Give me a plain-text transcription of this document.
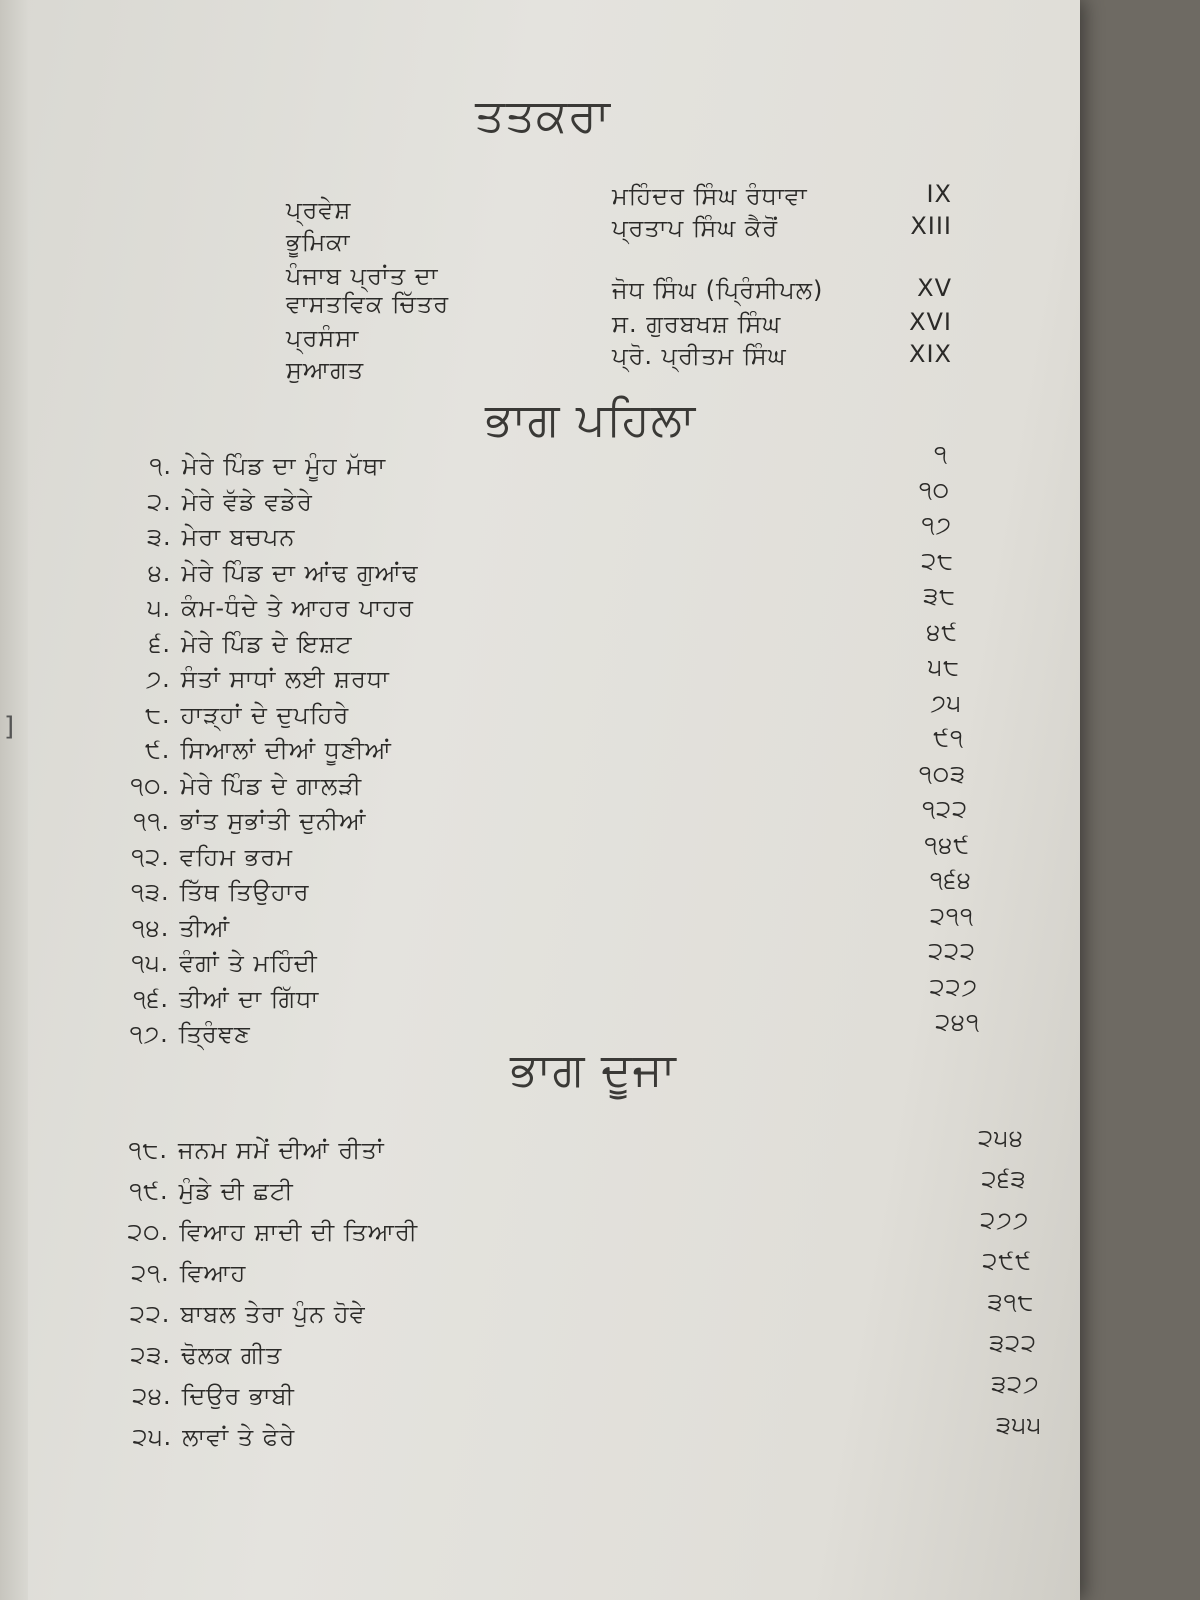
]
ਤਤਕਰਾ
ਪ੍ਰਵੇਸ਼	ਮਹਿੰਦਰ ਸਿੰਘ ਰੰਧਾਵਾ	IX
ਭੂਮਿਕਾ	ਪ੍ਰਤਾਪ ਸਿੰਘ ਕੈਰੋਂ	XIII
ਪੰਜਾਬ ਪ੍ਰਾਂਤ ਦਾ
ਵਾਸਤਵਿਕ ਚਿੱਤਰ	ਜੋਧ ਸਿੰਘ (ਪ੍ਰਿੰਸੀਪਲ)	XV
ਪ੍ਰਸੰਸਾ	ਸ. ਗੁਰਬਖਸ਼ ਸਿੰਘ	XVI
ਸੁਆਗਤ	ਪ੍ਰੋ. ਪ੍ਰੀਤਮ ਸਿੰਘ	XIX
ਭਾਗ ਪਹਿਲਾ
੧. ਮੇਰੇ ਪਿੰਡ ਦਾ ਮੂੰਹ ਮੱਥਾ	੧
੨. ਮੇਰੇ ਵੱਡੇ ਵਡੇਰੇ	੧੦
੩. ਮੇਰਾ ਬਚਪਨ	੧੭
੪. ਮੇਰੇ ਪਿੰਡ ਦਾ ਆਂਢ ਗੁਆਂਢ	੨੮
੫. ਕੰਮ-ਧੰਦੇ ਤੇ ਆਹਰ ਪਾਹਰ	੩੮
੬. ਮੇਰੇ ਪਿੰਡ ਦੇ ਇਸ਼ਟ	੪੯
੭. ਸੰਤਾਂ ਸਾਧਾਂ ਲਈ ਸ਼ਰਧਾ	੫੮
੮. ਹਾੜ੍ਹਾਂ ਦੇ ਦੁਪਹਿਰੇ	੭੫
੯. ਸਿਆਲਾਂ ਦੀਆਂ ਧੂਣੀਆਂ	੯੧
੧੦. ਮੇਰੇ ਪਿੰਡ ਦੇ ਗਾਲੜੀ	੧੦੩
੧੧. ਭਾਂਤ ਸੁਭਾਂਤੀ ਦੁਨੀਆਂ	੧੨੨
੧੨. ਵਹਿਮ ਭਰਮ	੧੪੯
੧੩. ਤਿੱਥ ਤਿਉਹਾਰ	੧੬੪
੧੪. ਤੀਆਂ	੨੧੧
੧੫. ਵੰਗਾਂ ਤੇ ਮਹਿੰਦੀ	੨੨੨
੧੬. ਤੀਆਂ ਦਾ ਗਿੱਧਾ	੨੨੭
੧੭. ਤ੍ਰਿੰਞਣ	੨੪੧
ਭਾਗ ਦੂਜਾ
੧੮. ਜਨਮ ਸਮੇਂ ਦੀਆਂ ਰੀਤਾਂ	੨੫੪
੧੯. ਮੁੰਡੇ ਦੀ ਛਟੀ	੨੬੩
੨੦. ਵਿਆਹ ਸ਼ਾਦੀ ਦੀ ਤਿਆਰੀ	੨੭੭
੨੧. ਵਿਆਹ	੨੯੯
੨੨. ਬਾਬਲ ਤੇਰਾ ਪੁੰਨ ਹੋਵੇ	੩੧੮
੨੩. ਢੋਲਕ ਗੀਤ	੩੨੨
੨੪. ਦਿਉਰ ਭਾਬੀ	੩੨੭
੨੫. ਲਾਵਾਂ ਤੇ ਫੇਰੇ	੩੫੫
